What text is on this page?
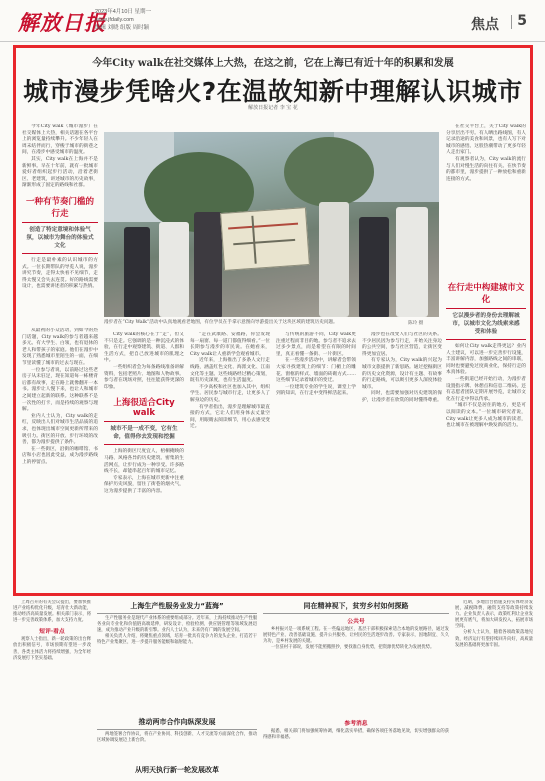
解放日报
2023年4月10日 星期一
www.jfdaily.com
编辑 刘晓 组版 周时颖	焦点 5
今年City walk在社交媒体上大热，在这之前，它在上海已有近十年的积累和发展
城市漫步凭啥火?在温故知新中理解认识城市
解放日报记者 李 宝 花

今年City walk（城市漫步）在社交媒体上大热，相关话题在各平台上的浏览量持续攀升。不少年轻人在周末结伴而行，穿梭于城市的街巷之间，在漫步中感受城市的温度。

其实，City walk在上海并不是新鲜事。早在十年前，就有一批城市爱好者组织起步行活动，沿着老街区、老建筑，讲述城市的历史故事，渐渐形成了固定的路线和社群。

一种有节奏门槛的行走
创造了特定意境和体验气氛，以城市为舞台的体验式文化

行走是最朴素的认识城市的方式。一位长期带队的导览人说，漫步讲究节奏，走得太快看不见细节，走得太慢又会失去连贯。好的路线需要设计，也需要讲述者的积累与热情。

从最初的小众活动，到如今的热门话题，City walk的参与者越来越多元。有大学生、白领，也有退休的老人和带孩子的家庭。他们在漫步中发现了熟悉城市里陌生的一面，在细节里读懂了城市的过去与现在。

一位参与者说，以前路过这些老房子从未驻足，现在知道每一栋楼背后都有故事，走在路上就像翻开一本书。漫步让人慢下来，也让人和城市之间建立起新的联系。这种联系不是一次性的打卡，而是持续的观察与理解。

业内人士认为，City walk的走红，反映出人们对城市生活品质的追求，也体现出城市空间更新所带来的吸引力。街区的开放、步行环境的改善，都为漫步提供了条件。

在一些街区，沿街的咖啡馆、书店和小店也因此受益，成为漫步路线上的停留点。

漫步者在“City Walk”活动中认真地观看老地图，有位学员在手拿示意图向导游提出关于这块区域的建筑历史问题。	陈玲 摄

City walk的核心在于“走”，但又不只是走。它强调的是一种沉浸式的体验，在行走中观察建筑、街道、人群和生活方式，把自己放进城市的肌理之中。

一些组织者会为每条路线准备讲解资料，包括老照片、地图和人物故事。参与者在现场对照，往往能获得更深的印象。

上海很适合City walk
城市不是一成不变，它有生命，值得你去发现和挖掘

上海的街区尺度宜人，梧桐掩映的马路、风格各异的历史建筑、密集的生活网点，让步行成为一种享受。许多路线不长，却能串起百年的城市记忆。

专家表示，上海在城市更新中注重保护历史风貌，留住了街巷的烟火气，这为漫步提供了丰富的内容。

“走在武康路、安福路，你会发现每一扇窗、每一道门都值得细看。”一位长期参与漫步的市民说。在她看来，City walk让人重新学会观看城市。

近年来，上海推出了多条人文行走线路，涵盖红色文化、海派文化、江南文化等主题。这些线路经过精心策划，既有历史深度，也有生活温度。

不少高校和社区也加入其中，组织学生、居民参与城市行走，让更多人了解身边的历史。

有学者指出，漫步是理解城市最直接的方式，它让人们用身体去丈量空间，用眼睛去阅读细节，用心去感受变迁。

在社交平台上，关于City walk的分享层出不穷。有人晒出路线图，有人记录沿途的美食和风景，也有人写下对城市的感悟。这股热潮带动了更多年轻人走出家门。

有观察者认为，City walk的流行与人们对慢生活的向往有关。在快节奏的都市里，漫步提供了一种放松和重新连接的方式。

在行走中构建城市文化
它以漫步者的身份去理解城市，以城市文化为线索来感受和体验

如何让City walk走得更远？业内人士建议，可以进一步完善步行设施，丰富讲解内容，加强路线之间的串联，同时也要避免过度商业化，保持行走的本真体验。

一些街道已经开始行动，为漫步者设置指示牌、休憩点和信息二维码。还有志愿者团队定期开展导览，让城市文化在行走中得以传承。

“城市不仅是居住的地方，更是可以阅读的文本。”一位城市研究者说，City walk让更多人成为城市的读者，也让城市在被理解中焕发新的活力。

与传统的旅游不同，City walk更注重过程而非目的地。参与者不追求去过多少景点，而是希望在有限的时间里，真正看懂一条街、一片街区。

在一些漫步活动中，讲解者会带领大家寻找建筑上的细节：门楣上的雕花、窗框的样式、墙面的砖砌方式……这些细节记录着城市的变迁。

一位建筑专业的学生说，课堂上学到的知识，在行走中变得鲜活起来。

漫步也在改变人们与社区的关系。不少居民因为参与行走，开始关注身边的公共空间，参与社区营造，让街区变得更加宜居。

有专家认为，City walk的兴起为城市文旅提供了新思路。通过挖掘街区的历史文化资源，设计有主题、有故事的行走路线，可以吸引更多人深度体验城市。

同时，也需要加强对历史建筑的保护，让漫步者在欣赏的同时懂得尊重。

上周召开的有关会议提出，要加快推进产业结构优化升级，培育壮大新动能，推动经济高质量发展。相关部门表示，将进一步完善政策体系，加大支持力度。

短评·看点

观察人士指出，新一轮政策的出台释放出积极信号，市场预期有望进一步改善，各类主体活力将持续增强，为全年经济发展打下坚实基础。

上海生产性服务业发力“蓝海”

生产性服务业是现代产业体系的重要组成部分。近年来，上海持续推动生产性服务业向专业化和价值链高端延伸，研发设计、检验检测、供应链管理等领域发展迅速，成为推动产业升级的新引擎。业内人士认为，未来仍有广阔的发展空间。

相关负责人介绍，将聚焦重点领域，培育一批具有竞争力的龙头企业，打造若干特色产业集聚区，进一步提升服务能级和辐射能力。

同在精神视下，贫穷乡村如何探路
公共号

乡村振兴是一项系统工程。在一些偏远地区，基层干部积极探索适合本地的发展路径，通过发展特色产业、改善基础设施、提升公共服务，让村民的生活逐步改善。专家表示，因地制宜、久久为功，是乡村发展的关键。

一位驻村干部说，发展不能照搬照抄，要找准自身优势，把资源优势转化为发展优势。

推动两市合作向纵深发展

两地签署合作协议，将在产业协同、科技创新、人才交流等方面深化合作，推动区域协调发展迈上新台阶。

参考消息

据悉，相关部门将加强统筹协调，细化落实举措，确保各项任务落地见效，切实增强群众的获得感和幸福感。

近期，多地出台措施支持实体经济发展，减税降费、融资支持等政策持续发力。企业负责人表示，政策红利让企业发展更有底气，将加大研发投入，拓展市场空间。

分析人士认为，随着各项政策落地见效，经济运行有望持续回升向好，高质量发展的基础将更加牢固。

从明天执行新一轮发展改革
